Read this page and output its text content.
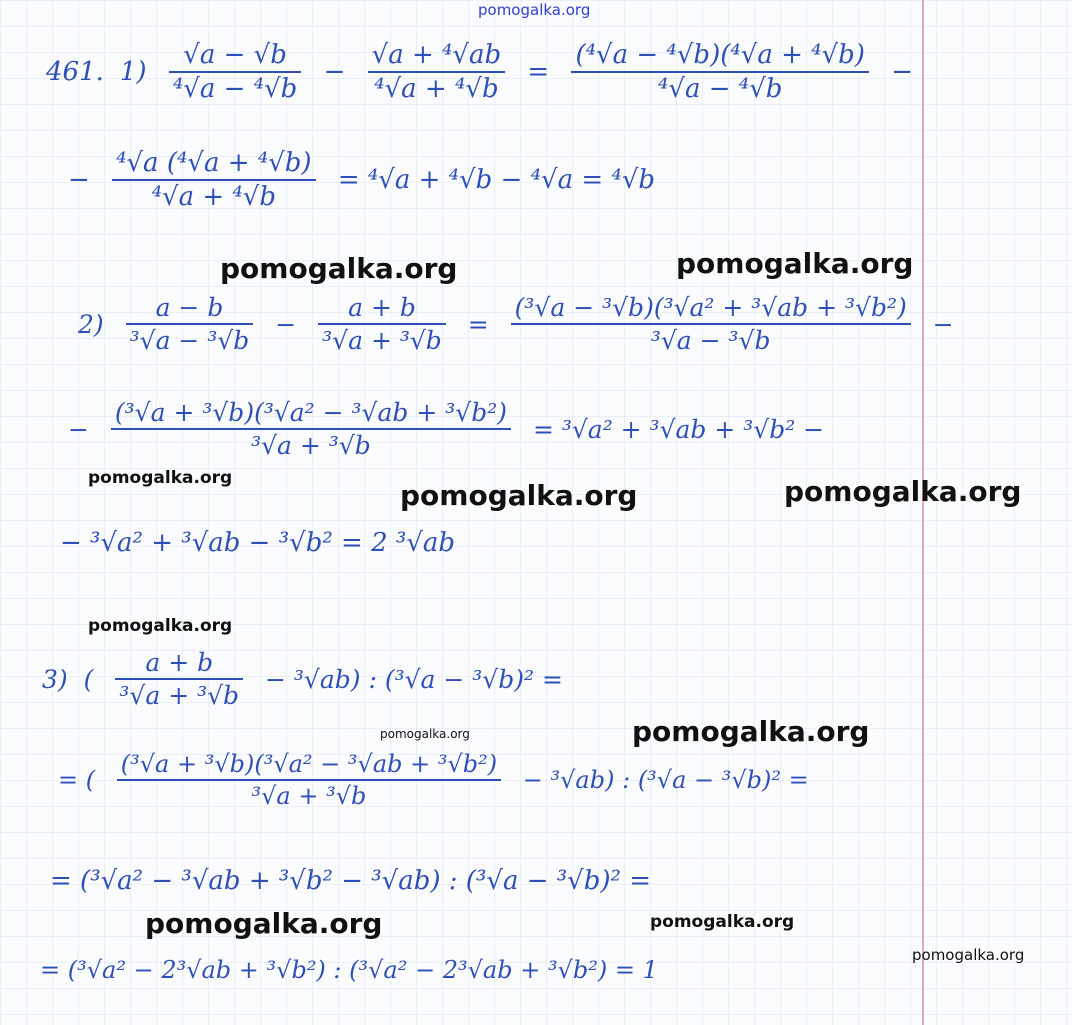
pomogalka.org
461. $1) \frac{√a - √b}{\text{⁴√a − ⁴√b}} - \frac{\text{√a + ⁴√ab}}{\text{⁴√a + ⁴√b}} = \frac{\text{(⁴√a − ⁴√b)(⁴√a + ⁴√b)}}{\text{⁴√a − ⁴√b}}$ −
− $\frac{\text{⁴√a (⁴√a + ⁴√b)}}{\text{⁴√a + ⁴√b}} = ^4√a + ^4√b - ^4√a = ^4√b$
pomogalka.org	pomogalka.org
$2) \frac{a - b}{\text{³√a − ³√b}} - \frac{a + b}{\text{³√a + ³√b}} = \frac{\text{(³√a − ³√b)(³√a² + ³√ab + ³√b²)}}{\text{³√a − ³√b}}$ −
− $\frac{\text{(³√a + ³√b)(³√a² − ³√ab + ³√b²)}}{\text{³√a + ³√b}} = ^3√a^2 + ^3√ab + ^3√b^2$ −
pomogalka.org
pomogalka.org	pomogalka.org
− ³√a² + ³√ab − ³√b² = 2 ³√ab
pomogalka.org
3) ( $\frac{a + b}{\text{³√a + ³√b}} - ^3√ab$) : (³√a − ³√b)² =
pomogalka.org	pomogalka.org
= ( $\frac{\text{(³√a + ³√b)(³√a² − ³√ab + ³√b²)}}{\text{³√a + ³√b}} - ^3√ab$) : (³√a − ³√b)² =
= (³√a² − ³√ab + ³√b² − ³√ab) : (³√a − ³√b)² =
pomogalka.org	pomogalka.org
= (³√a² − 2³√ab + ³√b²) : (³√a² − 2³√ab + ³√b²) = 1
pomogalka.org
